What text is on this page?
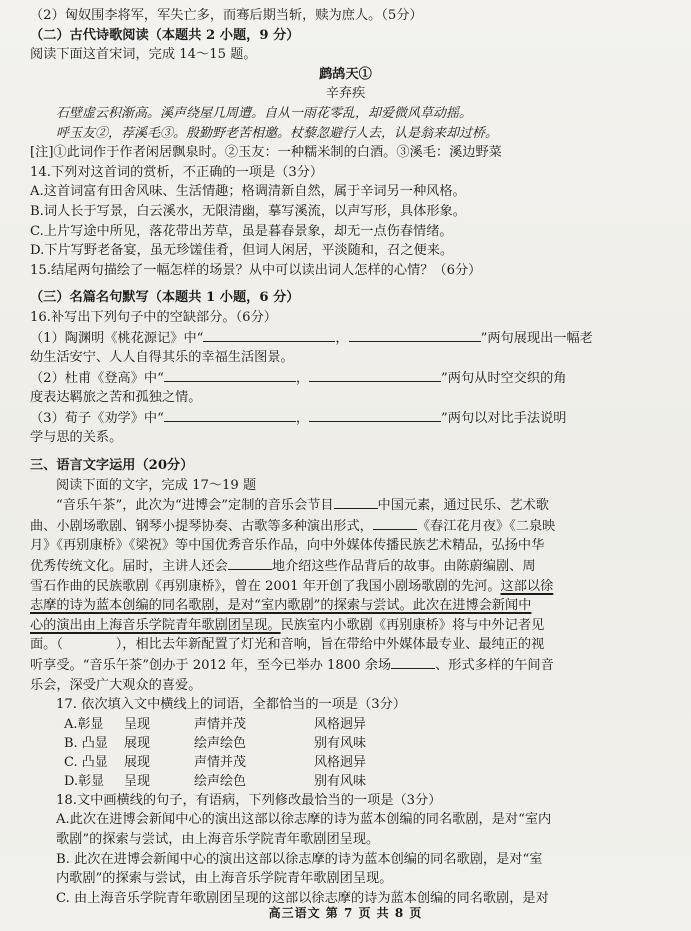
（2）匈奴围李将军，军失亡多，而骞后期当斩，赎为庶人。（5分）
（二）古代诗歌阅读（本题共 2 小题，9 分）
阅读下面这首宋词，完成 14～15 题。
鹧鸪天①
辛弃疾
石壁虚云积渐高。溪声绕屋几周遭。自从一雨花零乱，却爱微风草动摇。
呼玉友②，荐溪毛③。殷勤野老苦相邀。杖藜忽避行人去，认是翁来却过桥。
[注]①此词作于作者闲居飘泉时。②玉友：一种糯米制的白酒。③溪毛：溪边野菜
14.下列对这首词的赏析，不正确的一项是（3分）
A.这首词富有田舍风味、生活情趣；格调清新自然，属于辛词另一种风格。
B.词人长于写景，白云溪水，无限清幽，摹写溪流，以声写形，具体形象。
C.上片写途中所见，落花带出芳草，虽是暮春景象，却无一点伤春情绪。
D.下片写野老备宴，虽无珍馐佳肴，但词人闲居，平淡随和，召之便来。
15.结尾两句描绘了一幅怎样的场景？从中可以读出词人怎样的心情？（6分）
（三）名篇名句默写（本题共 1 小题，6 分）
16.补写出下列句子中的空缺部分。（6分）
（1）陶渊明《桃花源记》中“	，	”两句展现出一幅老
幼生活安宁、人人自得其乐的幸福生活图景。
（2）杜甫《登高》中“	，	”两句从时空交织的角
度表达羁旅之苦和孤独之情。
（3）荀子《劝学》中“	，	”两句以对比手法说明
学与思的关系。
三、语言文字运用（20分）
阅读下面的文字，完成 17～19 题
“音乐午茶”，此次为“进博会”定制的音乐会节目	中国元素，通过民乐、艺术歌
曲、小剧场歌剧、钢琴小提琴协奏、古歌等多种演出形式，	《春江花月夜》《二泉映
月》《再别康桥》《梁祝》等中国优秀音乐作品，向中外媒体传播民族艺术精品，弘扬中华
优秀传统文化。届时，主讲人还会	地介绍这些作品背后的故事。由陈蔚编剧、周
雪石作曲的民族歌剧《再别康桥》，曾在 2001 年开创了我国小剧场歌剧的先河。这部以徐
志摩的诗为蓝本创编的同名歌剧，是对“室内歌剧”的探索与尝试。此次在进博会新闻中
心的演出由上海音乐学院青年歌剧团呈现。民族室内小歌剧《再别康桥》将与中外记者见
面。（　　　　），相比去年新配置了灯光和音响，旨在带给中外媒体最专业、最纯正的视
听享受。“音乐午茶”创办于 2012 年，至今已举办 1800 余场	、形式多样的午间音
乐会，深受广大观众的喜爱。
17. 依次填入文中横线上的词语，全都恰当的一项是（3分）
A.彰显	呈现	声情并茂	风格迥异
B. 凸显	展现	绘声绘色	别有风味
C. 凸显	展现	声情并茂	风格迥异
D.彰显	呈现	绘声绘色	别有风味
18.文中画横线的句子，有语病，下列修改最恰当的一项是（3分）
A.此次在进博会新闻中心的演出这部以徐志摩的诗为蓝本创编的同名歌剧，是对“室内
歌剧”的探索与尝试，由上海音乐学院青年歌剧团呈现。
B. 此次在进博会新闻中心的演出这部以徐志摩的诗为蓝本创编的同名歌剧，是对“室
内歌剧”的探索与尝试，由上海音乐学院青年歌剧团呈现。
C. 由上海音乐学院青年歌剧团呈现的这部以徐志摩的诗为蓝本创编的同名歌剧，是对
高三语文 第 7 页 共 8 页
